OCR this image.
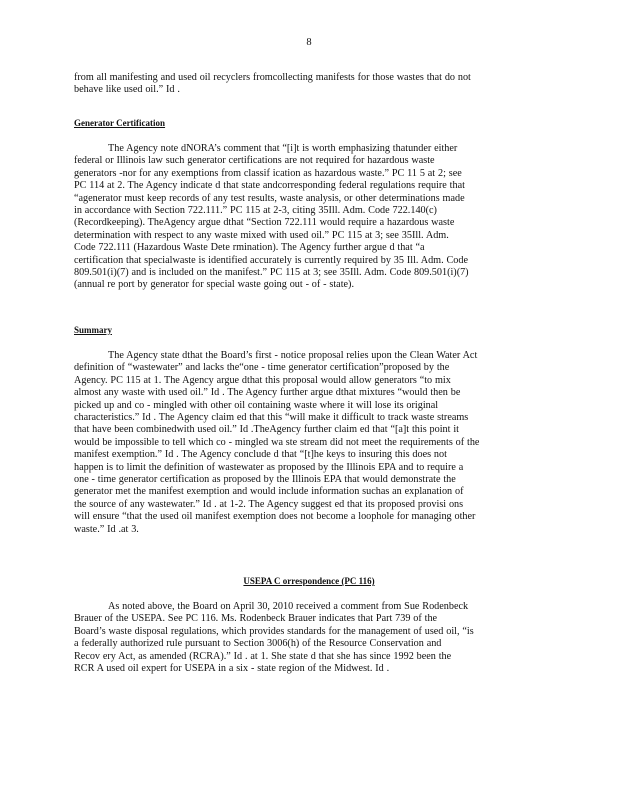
8
from all manifesting and used oil recyclers fromcollecting manifests for those wastes that do not
behave like used oil.” Id .
Generator Certification
The Agency note dNORA’s comment that “[i]t is worth emphasizing thatunder either
federal or Illinois law such generator certifications are not required for hazardous waste
generators -nor for any exemptions from classif ication as hazardous waste.” PC 11 5 at 2; see
PC 114 at 2. The Agency indicate d that state andcorresponding federal regulations require that
“agenerator must keep records of any test results, waste analysis, or other determinations made
in accordance with Section 722.111.” PC 115 at 2-3, citing 35Ill. Adm. Code 722.140(c)
(Recordkeeping). TheAgency argue dthat “Section 722.111 would require a hazardous waste
determination with respect to any waste mixed with used oil.” PC 115 at 3; see 35Ill. Adm.
Code 722.111 (Hazardous Waste Dete rmination). The Agency further argue d that “a
certification that specialwaste is identified accurately is currently required by 35 Ill. Adm. Code
809.501(i)(7) and is included on the manifest.” PC 115 at 3; see 35Ill. Adm. Code 809.501(i)(7)
(annual re port by generator for special waste going out - of - state).
Summary
The Agency state dthat the Board’s first - notice proposal relies upon the Clean Water Act
definition of “wastewater” and lacks the“one - time generator certification”proposed by the
Agency. PC 115 at 1. The Agency argue dthat this proposal would allow generators “to mix
almost any waste with used oil.” Id . The Agency further argue dthat mixtures “would then be
picked up and co - mingled with other oil containing waste where it will lose its original
characteristics.” Id . The Agency claim ed that this “will make it difficult to track waste streams
that have been combinedwith used oil.” Id .TheAgency further claim ed that “[a]t this point it
would be impossible to tell which co - mingled wa ste stream did not meet the requirements of the
manifest exemption.” Id . The Agency conclude d that “[t]he keys to insuring this does not
happen is to limit the definition of wastewater as proposed by the Illinois EPA and to require a
one - time generator certification as proposed by the Illinois EPA that would demonstrate the
generator met the manifest exemption and would include information suchas an explanation of
the source of any wastewater.” Id . at 1-2. The Agency suggest ed that its proposed provisi ons
will ensure “that the used oil manifest exemption does not become a loophole for managing other
waste.” Id .at 3.
USEPA C orrespondence (PC 116)
As noted above, the Board on April 30, 2010 received a comment from Sue Rodenbeck
Brauer of the USEPA. See PC 116. Ms. Rodenbeck Brauer indicates that Part 739 of the
Board’s waste disposal regulations, which provides standards for the management of used oil, “is
a federally authorized rule pursuant to Section 3006(h) of the Resource Conservation and
Recov ery Act, as amended (RCRA).” Id . at 1. She state d that she has since 1992 been the
RCR A used oil expert for USEPA in a six - state region of the Midwest. Id .
